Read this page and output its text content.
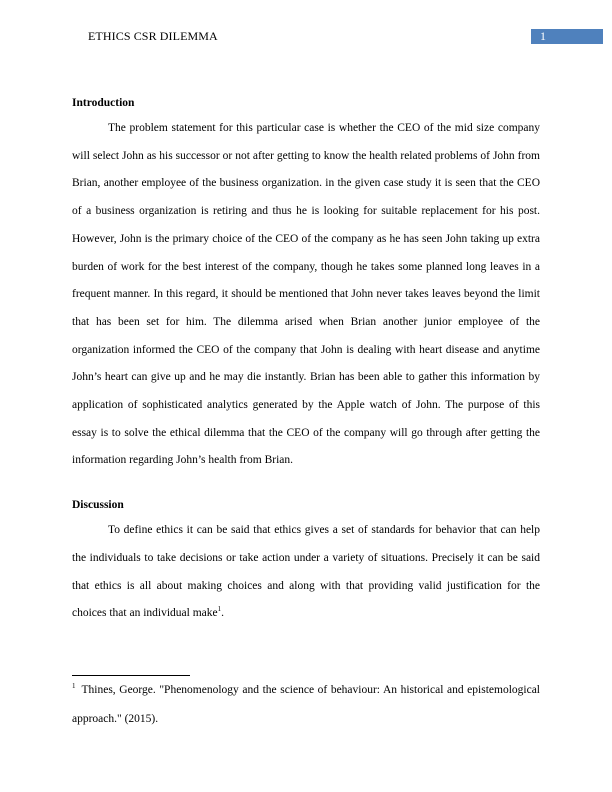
ETHICS CSR DILEMMA	1

Introduction

The problem statement for this particular case is whether the CEO of the mid size company will select John as his successor or not after getting to know the health related problems of John from Brian, another employee of the business organization. in the given case study it is seen that the CEO of a business organization is retiring and thus he is looking for suitable replacement for his post. However, John is the primary choice of the CEO of the company as he has seen John taking up extra burden of work for the best interest of the company, though he takes some planned long leaves in a frequent manner. In this regard, it should be mentioned that John never takes leaves beyond the limit that has been set for him. The dilemma arised when Brian another junior employee of the organization informed the CEO of the company that John is dealing with heart disease and anytime John’s heart can give up and he may die instantly. Brian has been able to gather this information by application of sophisticated analytics generated by the Apple watch of John. The purpose of this essay is to solve the ethical dilemma that the CEO of the company will go through after getting the information regarding John’s health from Brian.

Discussion

To define ethics it can be said that ethics gives a set of standards for behavior that can help the individuals to take decisions or take action under a variety of situations. Precisely it can be said that ethics is all about making choices and along with that providing valid justification for the choices that an individual make$^1$.

$^1$ Thines, George. "Phenomenology and the science of behaviour: An historical and epistemological approach." (2015).
